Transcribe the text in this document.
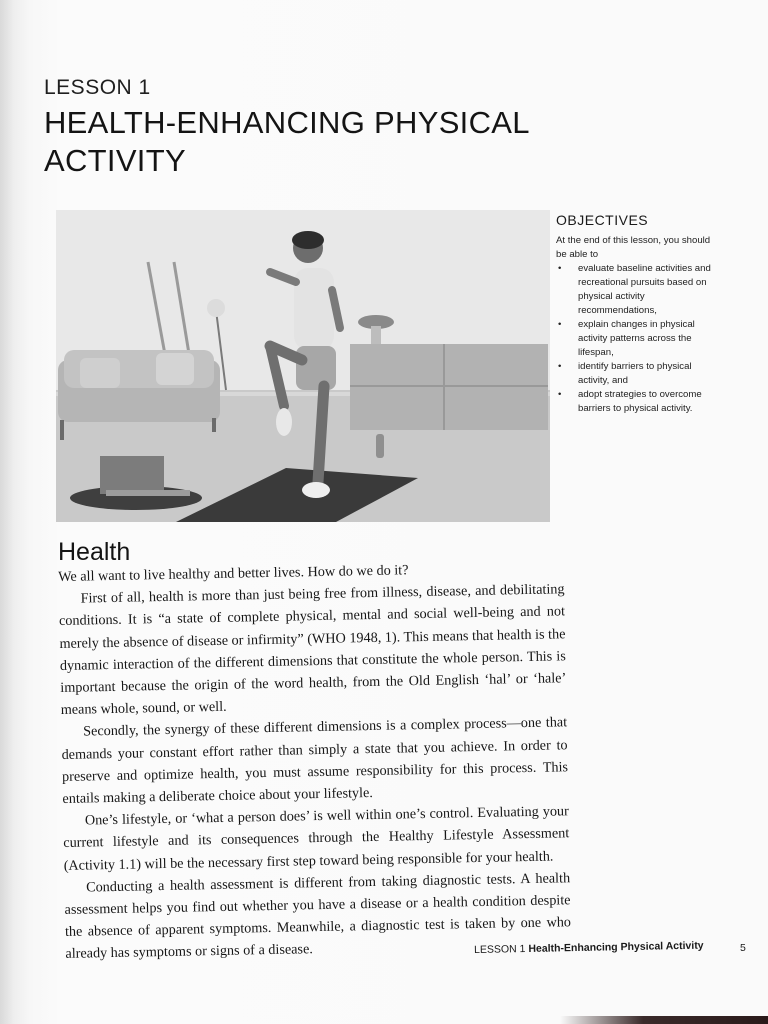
LESSON 1
HEALTH-ENHANCING PHYSICAL ACTIVITY
OBJECTIVES

At the end of this lesson, you should be able to

• evaluate baseline activities and recreational pursuits based on physical activity recommendations,
• explain changes in physical activity patterns across the lifespan,
• identify barriers to physical activity, and
• adopt strategies to overcome barriers to physical activity.
Health

We all want to live healthy and better lives. How do we do it?

First of all, health is more than just being free from illness, disease, and debilitating conditions. It is “a state of complete physical, mental and social well-being and not merely the absence of disease or infirmity” (WHO 1948, 1). This means that health is the dynamic interaction of the different dimensions that constitute the whole person. This is important because the origin of the word health, from the Old English ‘hal’ or ‘hale’ means whole, sound, or well.

Secondly, the synergy of these different dimensions is a complex process—one that demands your constant effort rather than simply a state that you achieve. In order to preserve and optimize health, you must assume responsibility for this process. This entails making a deliberate choice about your lifestyle.

One’s lifestyle, or ‘what a person does’ is well within one’s control. Evaluating your current lifestyle and its consequences through the Healthy Lifestyle Assessment (Activity 1.1) will be the necessary first step toward being responsible for your health.

Conducting a health assessment is different from taking diagnostic tests. A health assessment helps you find out whether you have a disease or a health condition despite the absence of apparent symptoms. Meanwhile, a diagnostic test is taken by one who already has symptoms or signs of a disease.	LESSON 1 Health-Enhancing Physical Activity	5
